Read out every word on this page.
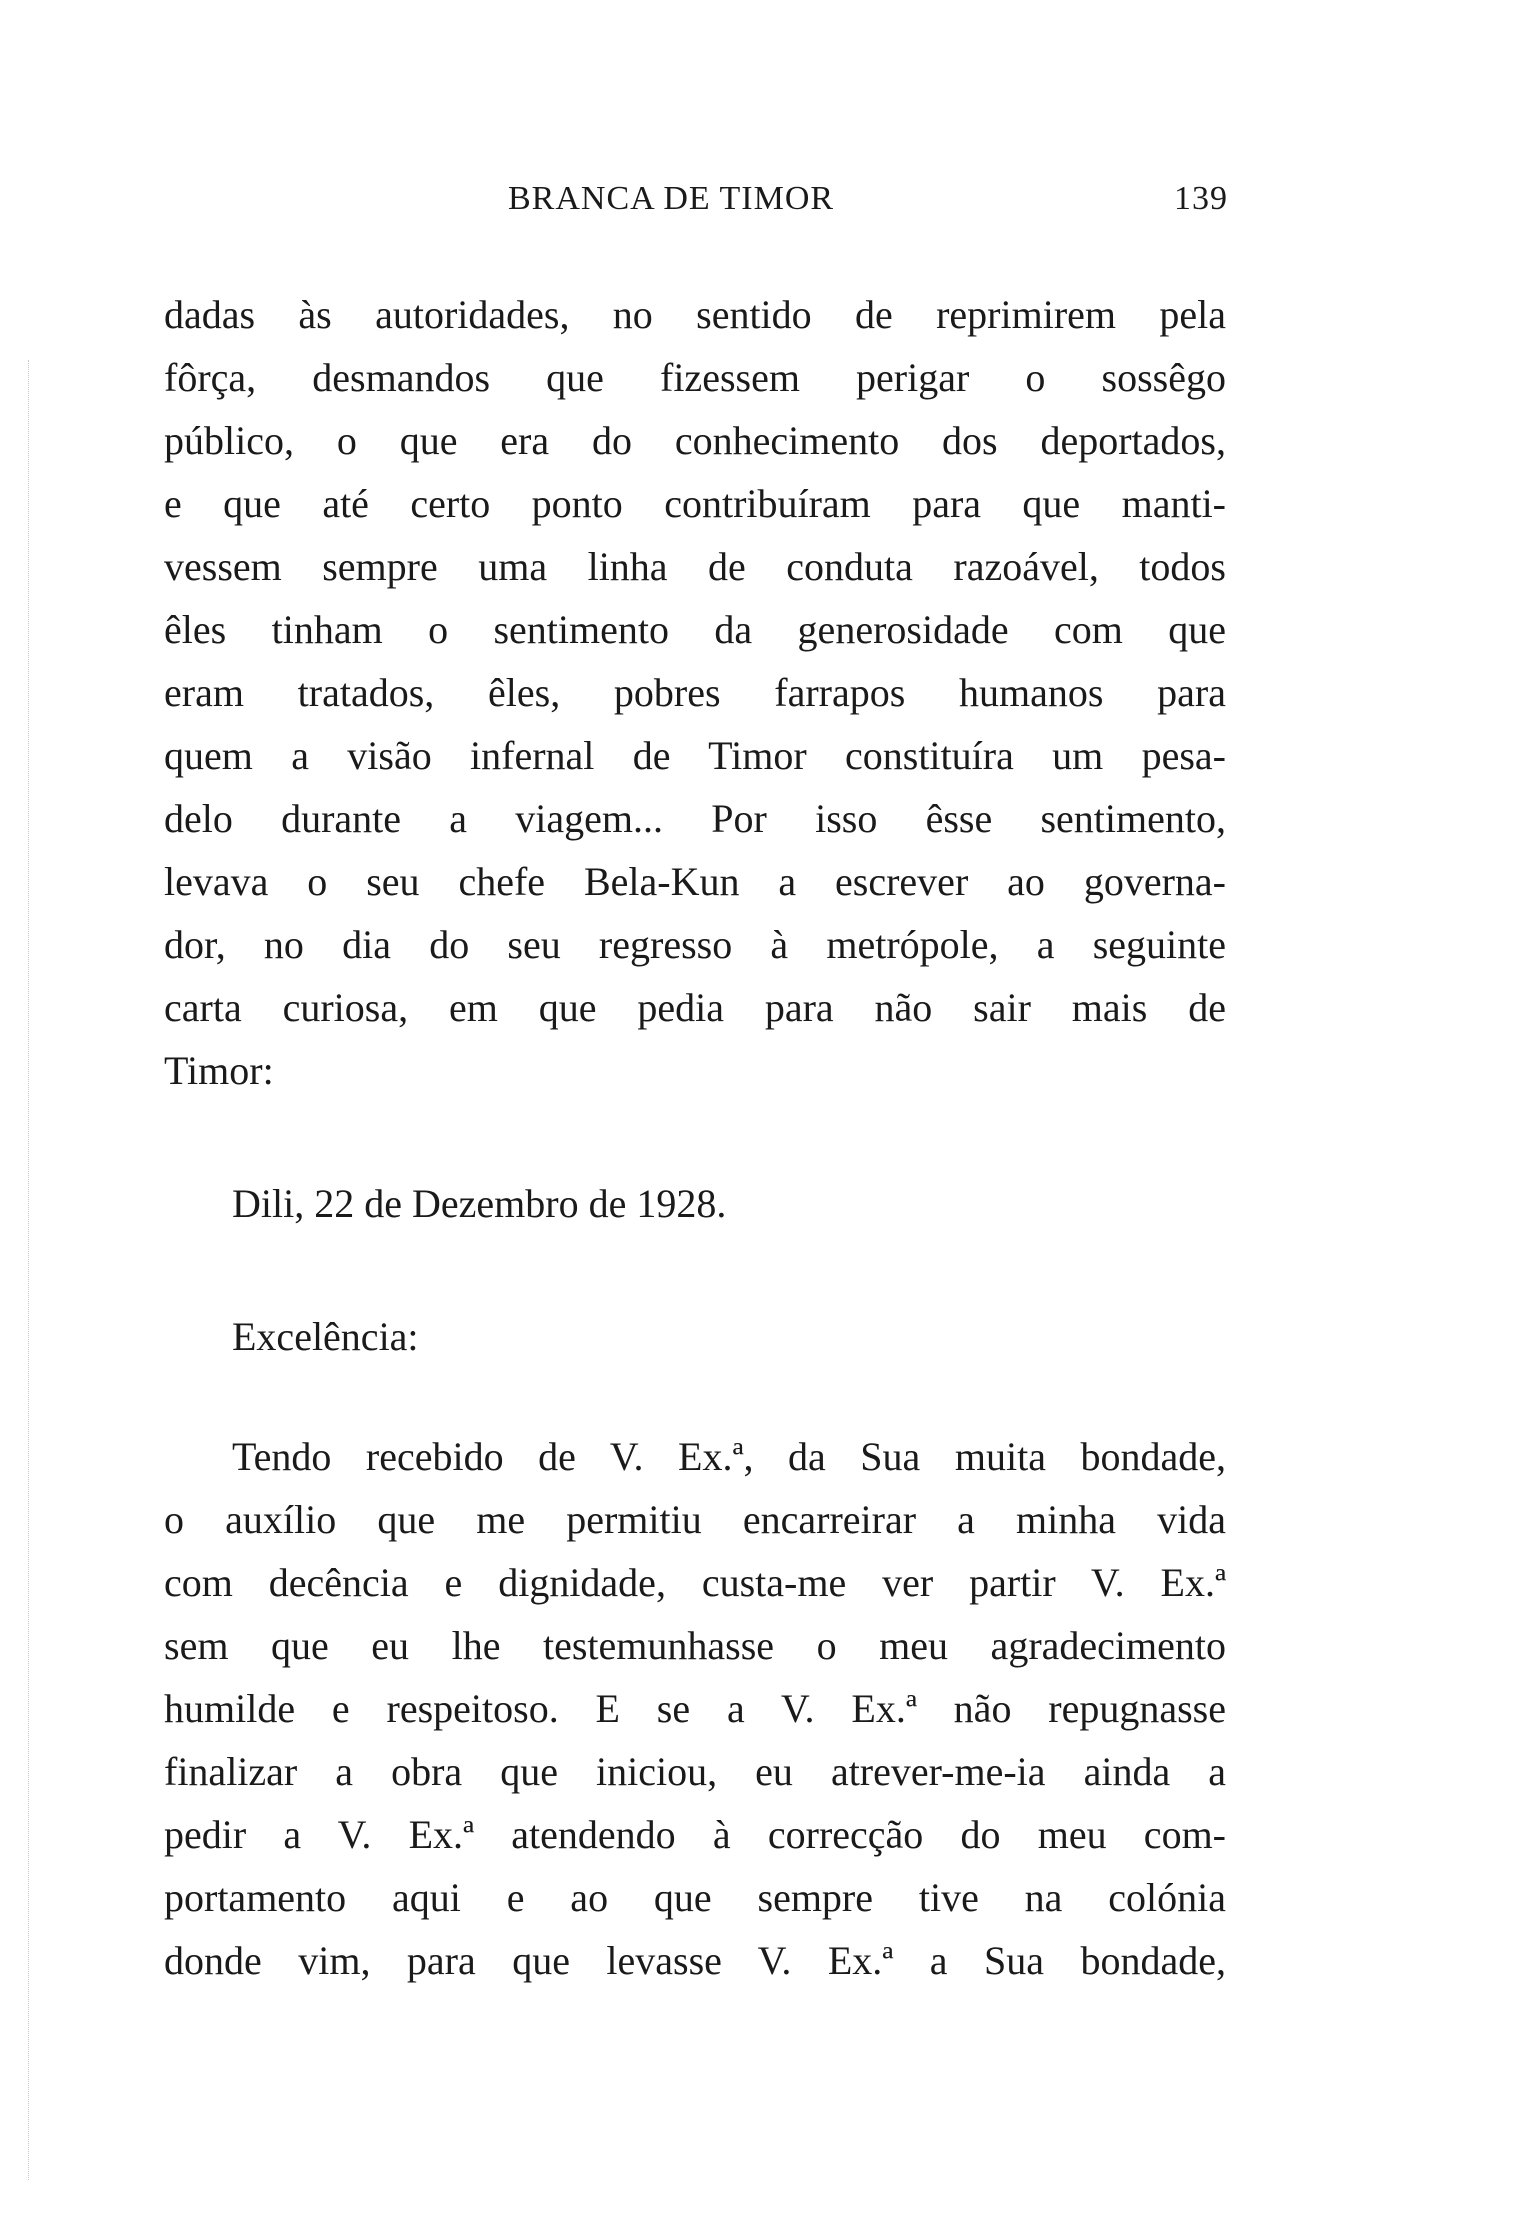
BRANCA DE TIMOR	139
dadas às autoridades, no sentido de reprimirem pela
fôrça, desmandos que fizessem perigar o sossêgo
público, o que era do conhecimento dos deportados,
e que até certo ponto contribuíram para que manti-
vessem sempre uma linha de conduta razoável, todos
êles tinham o sentimento da generosidade com que
eram tratados, êles, pobres farrapos humanos para
quem a visão infernal de Timor constituíra um pesa-
delo durante a viagem... Por isso êsse sentimento,
levava o seu chefe Bela-Kun a escrever ao governa-
dor, no dia do seu regresso à metrópole, a seguinte
carta curiosa, em que pedia para não sair mais de
Timor:
Dili, 22 de Dezembro de 1928.
Excelência:
Tendo recebido de V. Ex.ª, da Sua muita bondade,
o auxílio que me permitiu encarreirar a minha vida
com decência e dignidade, custa-me ver partir V. Ex.ª
sem que eu lhe testemunhasse o meu agradecimento
humilde e respeitoso. E se a V. Ex.ª não repugnasse
finalizar a obra que iniciou, eu atrever-me-ia ainda a
pedir a V. Ex.ª atendendo à correcção do meu com-
portamento aqui e ao que sempre tive na colónia
donde vim, para que levasse V. Ex.ª a Sua bondade,
